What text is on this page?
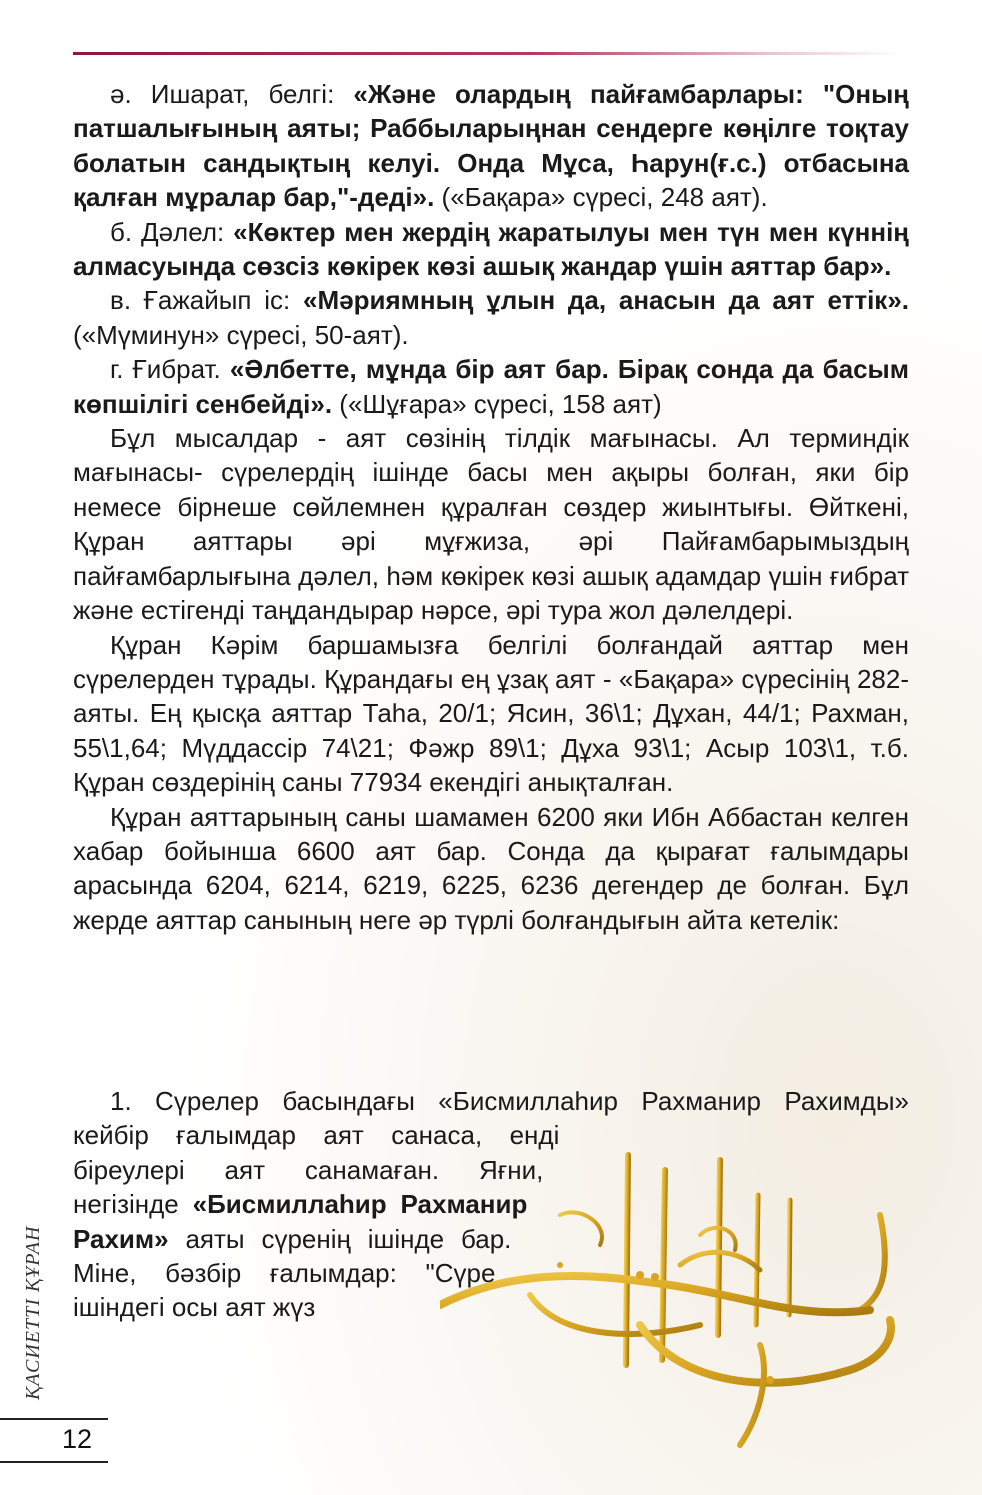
ә. Ишарат, белгі: «Және олардың пайғамбарлары: "Оның патшалығының аяты; Раббыларыңнан сендерге көңілге тоқтау болатын сандықтың келуі. Онда Мұса, Һарун(ғ.с.) отбасына қалған мұралар бар,"-деді». («Бақара» сүресі, 248 аят).

б. Дәлел: «Көктер мен жердің жаратылуы мен түн мен күннің алмасуында сөзсіз көкірек көзі ашық жандар үшін аяттар бар».

в. Ғажайып іс: «Мәриямның ұлын да, анасын да аят еттік». («Мүминун» сүресі, 50-аят).

г. Ғибрат. «Әлбетте, мұнда бір аят бар. Бірақ сонда да басым көпшілігі сенбейді». («Шұғара» сүресі, 158 аят)

Бұл мысалдар - аят сөзінің тілдік мағынасы. Ал терминдік мағынасы- сүрелердің ішінде басы мен ақыры болған, яки бір немесе бірнеше сөйлемнен құралған сөздер жиынтығы. Өйткені, Құран аяттары әрі мұғжиза, әрі Пайғамбарымыздың пайғамбарлығына дәлел, һәм көкірек көзі ашық адамдар үшін ғибрат және естігенді таңдандырар нәрсе, әрі тура жол дәлелдері.

Құран Кәрім баршамызға белгілі болғандай аяттар мен сүрелерден тұрады. Құрандағы ең ұзақ аят - «Бақара» сүресінің 282-аяты. Ең қысқа аяттар Таһа, 20/1; Ясин, 36\1; Дұхан, 44/1; Рахман, 55\1,64; Мүддассір 74\21; Фәжр 89\1; Дұха 93\1; Асыр 103\1, т.б. Құран сөздерінің саны 77934 екендігі анықталған.

Құран аяттарының саны шамамен 6200 яки Ибн Аббастан келген хабар бойынша 6600 аят бар. Сонда да қырағат ғалымдары арасында 6204, 6214, 6219, 6225, 6236 дегендер де болған. Бұл жерде аяттар санының неге әр түрлі болғандығын айта кетелік:

1. Сүрелер басындағы «Бисмиллаһир Рахманир Рахимды» кейбір ғалымдар аят санаса, енді біреулері аят санамаған. Яғни, негізінде «Бисмиллаһир Рахманир Рахим» аяты сүренің ішінде бар. Міне, бәзбір ғалымдар: "Сүре ішіндегі осы аят жүз
ҚАСИЕТТІ ҚҰРАН
12
